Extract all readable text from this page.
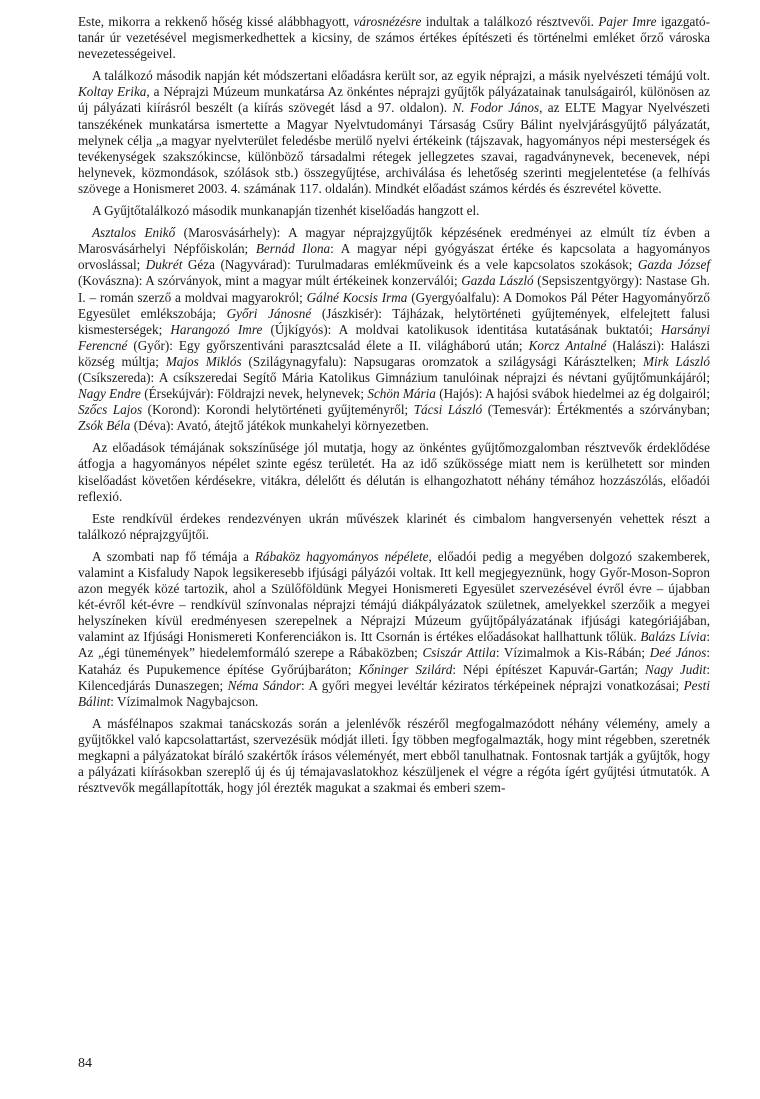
Este, mikorra a rekkenő hőség kissé alábbhagyott, városnézésre indultak a találkozó résztvevői. Pajer Imre igazgató-tanár úr vezetésével megismerkedhettek a kicsiny, de számos értékes építészeti és történelmi emléket őrző városka nevezetességeivel.

A találkozó második napján két módszertani előadásra került sor, az egyik néprajzi, a másik nyelvészeti témájú volt. Koltay Erika, a Néprajzi Múzeum munkatársa Az önkéntes néprajzi gyűjtők pályázatainak tanulságairól, különösen az új pályázati kiírásról beszélt (a kiírás szövegét lásd a 97. oldalon). N. Fodor János, az ELTE Magyar Nyelvészeti tanszékének munkatársa ismertette a Magyar Nyelvtudományi Társaság Csűry Bálint nyelvjárásgyűjtő pályázatát, melynek célja „a magyar nyelvterület feledésbe merülő nyelvi értékeink (tájszavak, hagyományos népi mesterségek és tevékenységek szakszókincse, különböző társadalmi rétegek jellegzetes szavai, ragadványnevek, becenevek, népi helynevek, közmondások, szólások stb.) összegyűjtése, archiválása és lehetőség szerinti megjelentetése (a felhívás szövege a Honismeret 2003. 4. számának 117. oldalán). Mindkét előadást számos kérdés és észrevétel követte.

A Gyűjtőtalálkozó második munkanapján tizenhét kiselőadás hangzott el.

Asztalos Enikő (Marosvásárhely): A magyar néprajzgyűjtők képzésének eredményei az elmúlt tíz évben a Marosvásárhelyi Népfőiskolán; Bernád Ilona: A magyar népi gyógyászat értéke és kapcsolata a hagyományos orvoslással; Dukrét Géza (Nagyvárad): Turulmadaras emlékműveink és a vele kapcsolatos szokások; Gazda József (Kovászna): A szórványok, mint a magyar múlt értékeinek konzerválói; Gazda László (Sepsiszentgyörgy): Nastase Gh. I. – román szerző a moldvai magyarokról; Gálné Kocsis Irma (Gyergyóalfalu): A Domokos Pál Péter Hagyományőrző Egyesület emlékszobája; Győri Jánosné (Jászkisér): Tájházak, helytörténeti gyűjtemények, elfelejtett falusi kismesterségek; Harangozó Imre (Újkígyós): A moldvai katolikusok identitása kutatásának buktatói; Harsányi Ferencné (Győr): Egy győrszentiváni parasztcsalád élete a II. világháború után; Korcz Antalné (Halászi): Halászi község múltja; Majos Miklós (Szilágynagyfalu): Napsugaras oromzatok a szilágysági Kárásztelken; Mirk László (Csíkszereda): A csíkszeredai Segítő Mária Katolikus Gimnázium tanulóinak néprajzi és névtani gyűjtőmunkájáról; Nagy Endre (Érsekújvár): Földrajzi nevek, helynevek; Schön Mária (Hajós): A hajósi svábok hiedelmei az ég dolgairól; Szőcs Lajos (Korond): Korondi helytörténeti gyűjteményről; Tácsi László (Temesvár): Értékmentés a szórványban; Zsók Béla (Déva): Avató, átejtő játékok munkahelyi környezetben.

Az előadások témájának sokszínűsége jól mutatja, hogy az önkéntes gyűjtőmozgalomban résztvevők érdeklődése átfogja a hagyományos népélet szinte egész területét. Ha az idő szűkössége miatt nem is kerülhetett sor minden kiselőadást követően kérdésekre, vitákra, délelőtt és délután is elhangozhatott néhány témához hozzászólás, előadói reflexió.

Este rendkívül érdekes rendezvényen ukrán művészek klarinét és cimbalom hangversenyén vehettek részt a találkozó néprajzgyűjtői.

A szombati nap fő témája a Rábaköz hagyományos népélete, előadói pedig a megyében dolgozó szakemberek, valamint a Kisfaludy Napok legsikeresebb ifjúsági pályázói voltak. Itt kell megjegyeznünk, hogy Győr-Moson-Sopron azon megyék közé tartozik, ahol a Szülőföldünk Megyei Honismereti Egyesület szervezésével évről évre – újabban két-évről két-évre – rendkívül színvonalas néprajzi témájú diákpályázatok születnek, amelyekkel szerzőik a megyei helyszíneken kívül eredményesen szerepelnek a Néprajzi Múzeum gyűjtőpályázatának ifjúsági kategóriájában, valamint az Ifjúsági Honismereti Konferenciákon is. Itt Csornán is értékes előadásokat hallhattunk tőlük. Balázs Lívia: Az „égi tünemények” hiedelemformáló szerepe a Rábaközben; Csiszár Attila: Vízimalmok a Kis-Rábán; Deé János: Kataház és Pupukemence építése Győrújbaráton; Kőninger Szilárd: Népi építészet Kapuvár-Gartán; Nagy Judit: Kilencedjárás Dunaszegen; Néma Sándor: A győri megyei levéltár kéziratos térképeinek néprajzi vonatkozásai; Pesti Bálint: Vízimalmok Nagybajcson.

A másfélnapos szakmai tanácskozás során a jelenlévők részéről megfogalmazódott néhány vélemény, amely a gyűjtőkkel való kapcsolattartást, szervezésük módját illeti. Így többen megfogalmazták, hogy mint régebben, szeretnék megkapni a pályázatokat bíráló szakértők írásos véleményét, mert ebből tanulhatnak. Fontosnak tartják a gyűjtők, hogy a pályázati kiírásokban szereplő új és új témajavaslatokhoz készüljenek el végre a régóta ígért gyűjtési útmutatók. A résztvevők megállapították, hogy jól érezték magukat a szakmai és emberi szem-

84
